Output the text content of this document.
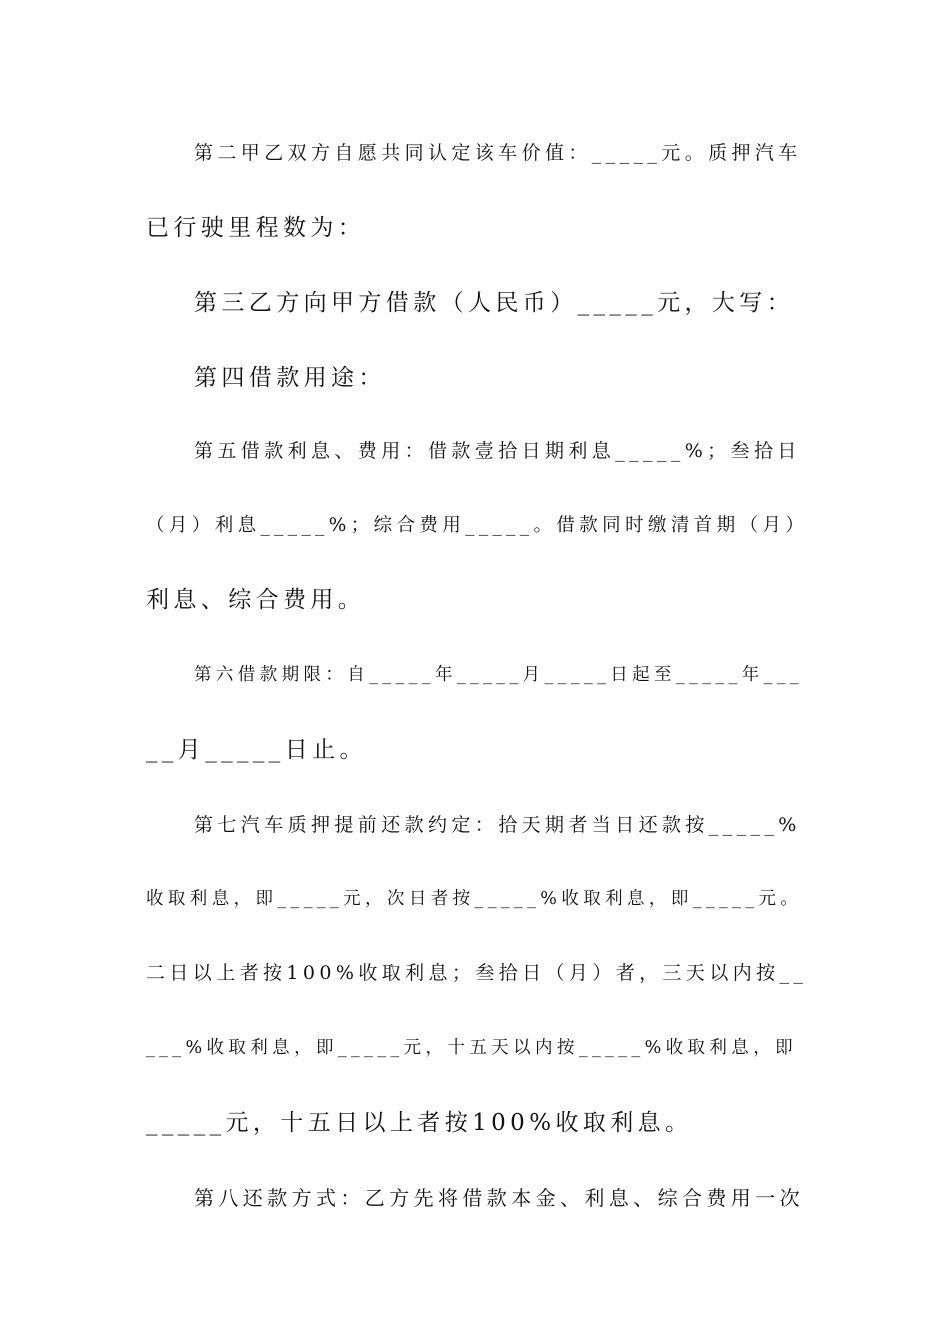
第二甲乙双方自愿共同认定该车价值：_____元。质押汽车
已行驶里程数为：
第三乙方向甲方借款（人民币）_____元，大写：
第四借款用途：
第五借款利息、费用：借款壹拾日期利息_____%；叁拾日
（月）利息_____%；综合费用_____。借款同时缴清首期（月）
利息、综合费用。
第六借款期限：自_____年_____月_____日起至_____年___
__月_____日止。
第七汽车质押提前还款约定：拾天期者当日还款按_____%
收取利息，即_____元，次日者按_____%收取利息，即_____元。
二日以上者按100%收取利息；叁拾日（月）者，三天以内按__
___%收取利息，即_____元，十五天以内按_____%收取利息，即
_____元，十五日以上者按100%收取利息。
第八还款方式：乙方先将借款本金、利息、综合费用一次
